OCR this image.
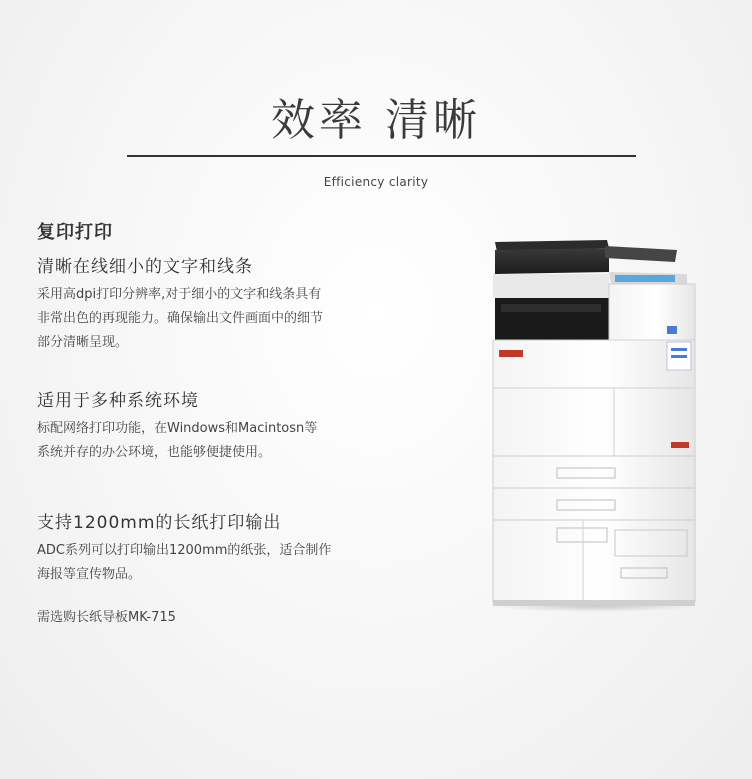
效率 清晰
Efficiency clarity

复印打印

清晰在线细小的文字和线条

采用高dpi打印分辨率,对于细小的文字和线条具有

非常出色的再现能力。确保输出文件画面中的细节

部分清晰呈现。

适用于多种系统环境

标配网络打印功能，在Windows和Macintosn等

系统并存的办公环境，也能够便捷使用。

支持1200mm的长纸打印输出

ADC系列可以打印输出1200mm的纸张，适合制作

海报等宣传物品。

需选购长纸导板MK-715
